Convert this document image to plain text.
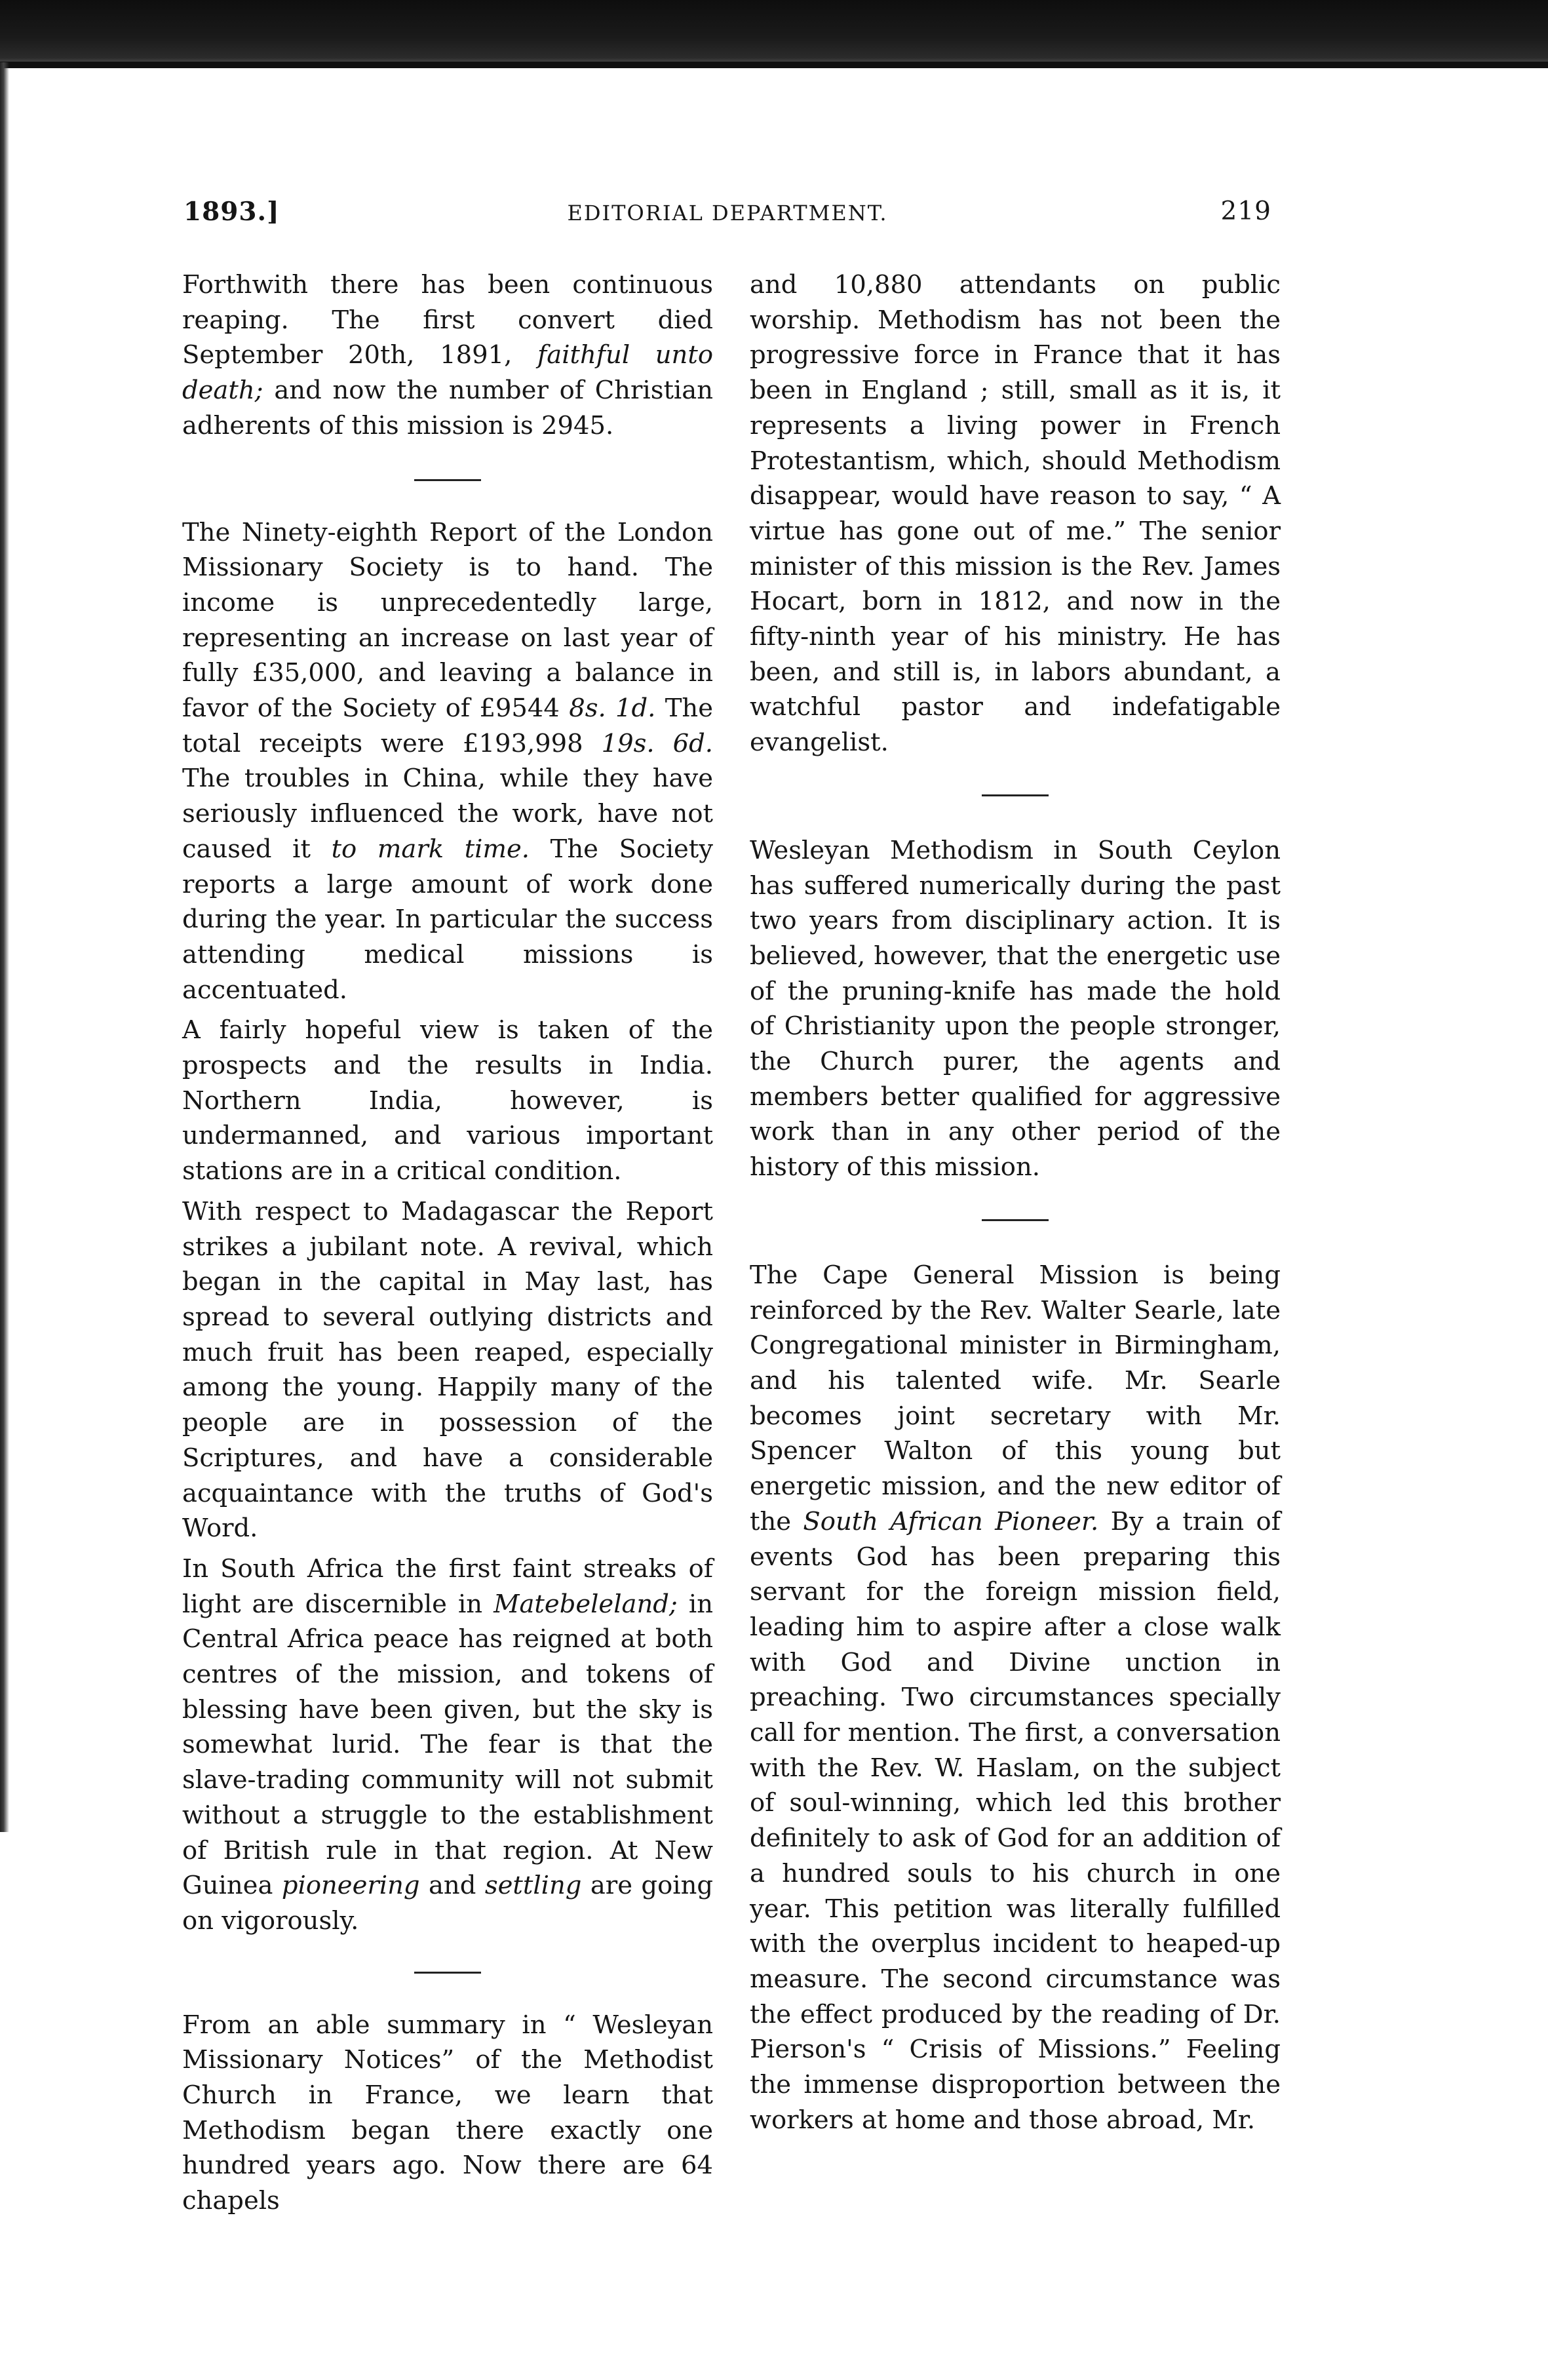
1893.]	EDITORIAL DEPARTMENT.	219

Forthwith there has been continuous reaping. The first convert died September 20th, 1891, faithful unto death; and now the number of Christian adherents of this mission is 2945.

The Ninety-eighth Report of the London Missionary Society is to hand. The income is unprecedentedly large, representing an increase on last year of fully £35,000, and leaving a balance in favor of the Society of £9544 8s. 1d. The total receipts were £193,998 19s. 6d. The troubles in China, while they have seriously influenced the work, have not caused it to mark time. The Society reports a large amount of work done during the year. In particular the success attending medical missions is accentuated.

A fairly hopeful view is taken of the prospects and the results in India. Northern India, however, is undermanned, and various important stations are in a critical condition.

With respect to Madagascar the Report strikes a jubilant note. A revival, which began in the capital in May last, has spread to several outlying districts and much fruit has been reaped, especially among the young. Happily many of the people are in possession of the Scriptures, and have a considerable acquaintance with the truths of God's Word.

In South Africa the first faint streaks of light are discernible in Matebeleland; in Central Africa peace has reigned at both centres of the mission, and tokens of blessing have been given, but the sky is somewhat lurid. The fear is that the slave-trading community will not submit without a struggle to the establishment of British rule in that region. At New Guinea pioneering and settling are going on vigorously.

From an able summary in “ Wesleyan Missionary Notices” of the Methodist Church in France, we learn that Methodism began there exactly one hundred years ago. Now there are 64 chapels

and 10,880 attendants on public worship. Methodism has not been the progressive force in France that it has been in England ; still, small as it is, it represents a living power in French Protestantism, which, should Methodism disappear, would have reason to say, “ A virtue has gone out of me.” The senior minister of this mission is the Rev. James Hocart, born in 1812, and now in the fifty-ninth year of his ministry. He has been, and still is, in labors abundant, a watchful pastor and indefatigable evangelist.

Wesleyan Methodism in South Ceylon has suffered numerically during the past two years from disciplinary action. It is believed, however, that the energetic use of the pruning-knife has made the hold of Christianity upon the people stronger, the Church purer, the agents and members better qualified for aggressive work than in any other period of the history of this mission.

The Cape General Mission is being reinforced by the Rev. Walter Searle, late Congregational minister in Birmingham, and his talented wife. Mr. Searle becomes joint secretary with Mr. Spencer Walton of this young but energetic mission, and the new editor of the South African Pioneer. By a train of events God has been preparing this servant for the foreign mission field, leading him to aspire after a close walk with God and Divine unction in preaching. Two circumstances specially call for mention. The first, a conversation with the Rev. W. Haslam, on the subject of soul-winning, which led this brother definitely to ask of God for an addition of a hundred souls to his church in one year. This petition was literally fulfilled with the overplus incident to heaped-up measure. The second circumstance was the effect produced by the reading of Dr. Pierson's “ Crisis of Missions.” Feeling the immense disproportion between the workers at home and those abroad, Mr.
